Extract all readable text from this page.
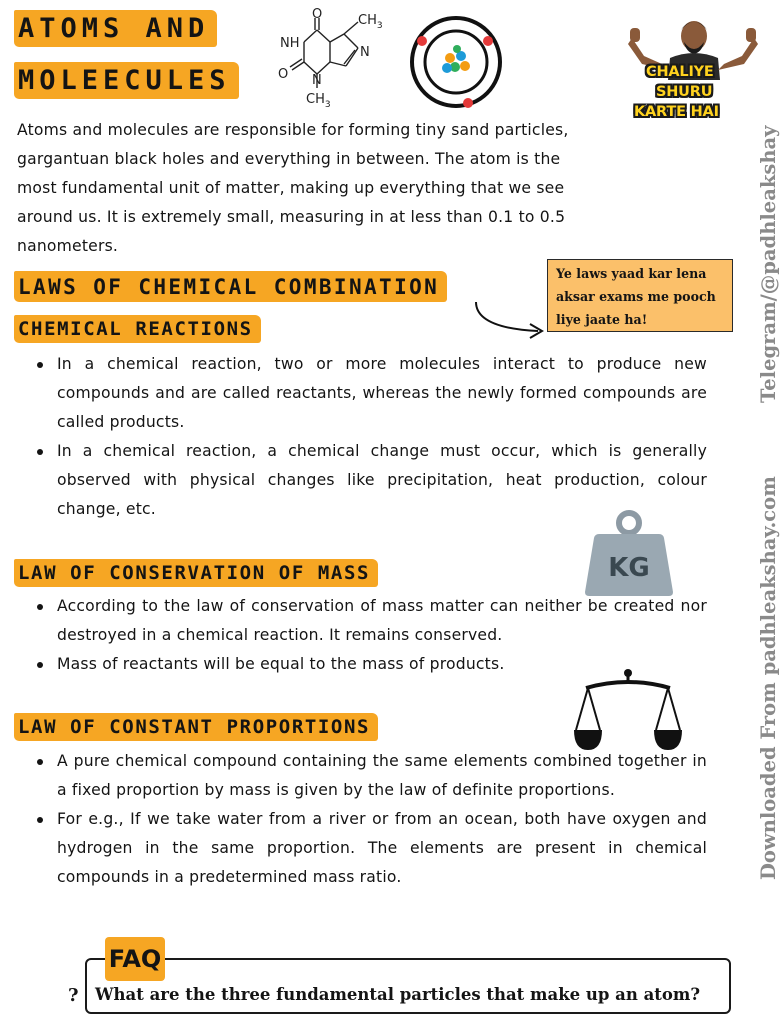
ATOMS AND
MOLEECULES
O	$CH_3$
NH
O
N
N
$CH_3$
CHALIYE
SHURU
KARTE HAI
Atoms and molecules are responsible for forming tiny sand particles, gargantuan black holes and everything in between. The atom is the most fundamental unit of matter, making up everything that we see around us. It is extremely small, measuring in at less than 0.1 to 0.5 nanometers.
LAWS OF CHEMICAL COMBINATION
Ye laws yaad kar lena aksar exams me pooch liye jaate ha!
CHEMICAL REACTIONS
In a chemical reaction, two or more molecules interact to produce new compounds and are called reactants, whereas the newly formed compounds are called products.
In a chemical reaction, a chemical change must occur, which is generally observed with physical changes like precipitation, heat production, colour change, etc.
LAW OF CONSERVATION OF MASS	KG
According to the law of conservation of mass matter can neither be created nor destroyed in a chemical reaction. It remains conserved.
Mass of reactants will be equal to the mass of products.
LAW OF CONSTANT PROPORTIONS
A pure chemical compound containing the same elements combined together in a fixed proportion by mass is given by the law of definite proportions.
For e.g., If we take water from a river or from an ocean, both have oxygen and hydrogen in the same proportion. The elements are present in chemical compounds in a predetermined mass ratio.
Telegram/@padhleakshay
Downloaded From padhleakshay.com
FAQ
? What are the three fundamental particles that make up an atom?
